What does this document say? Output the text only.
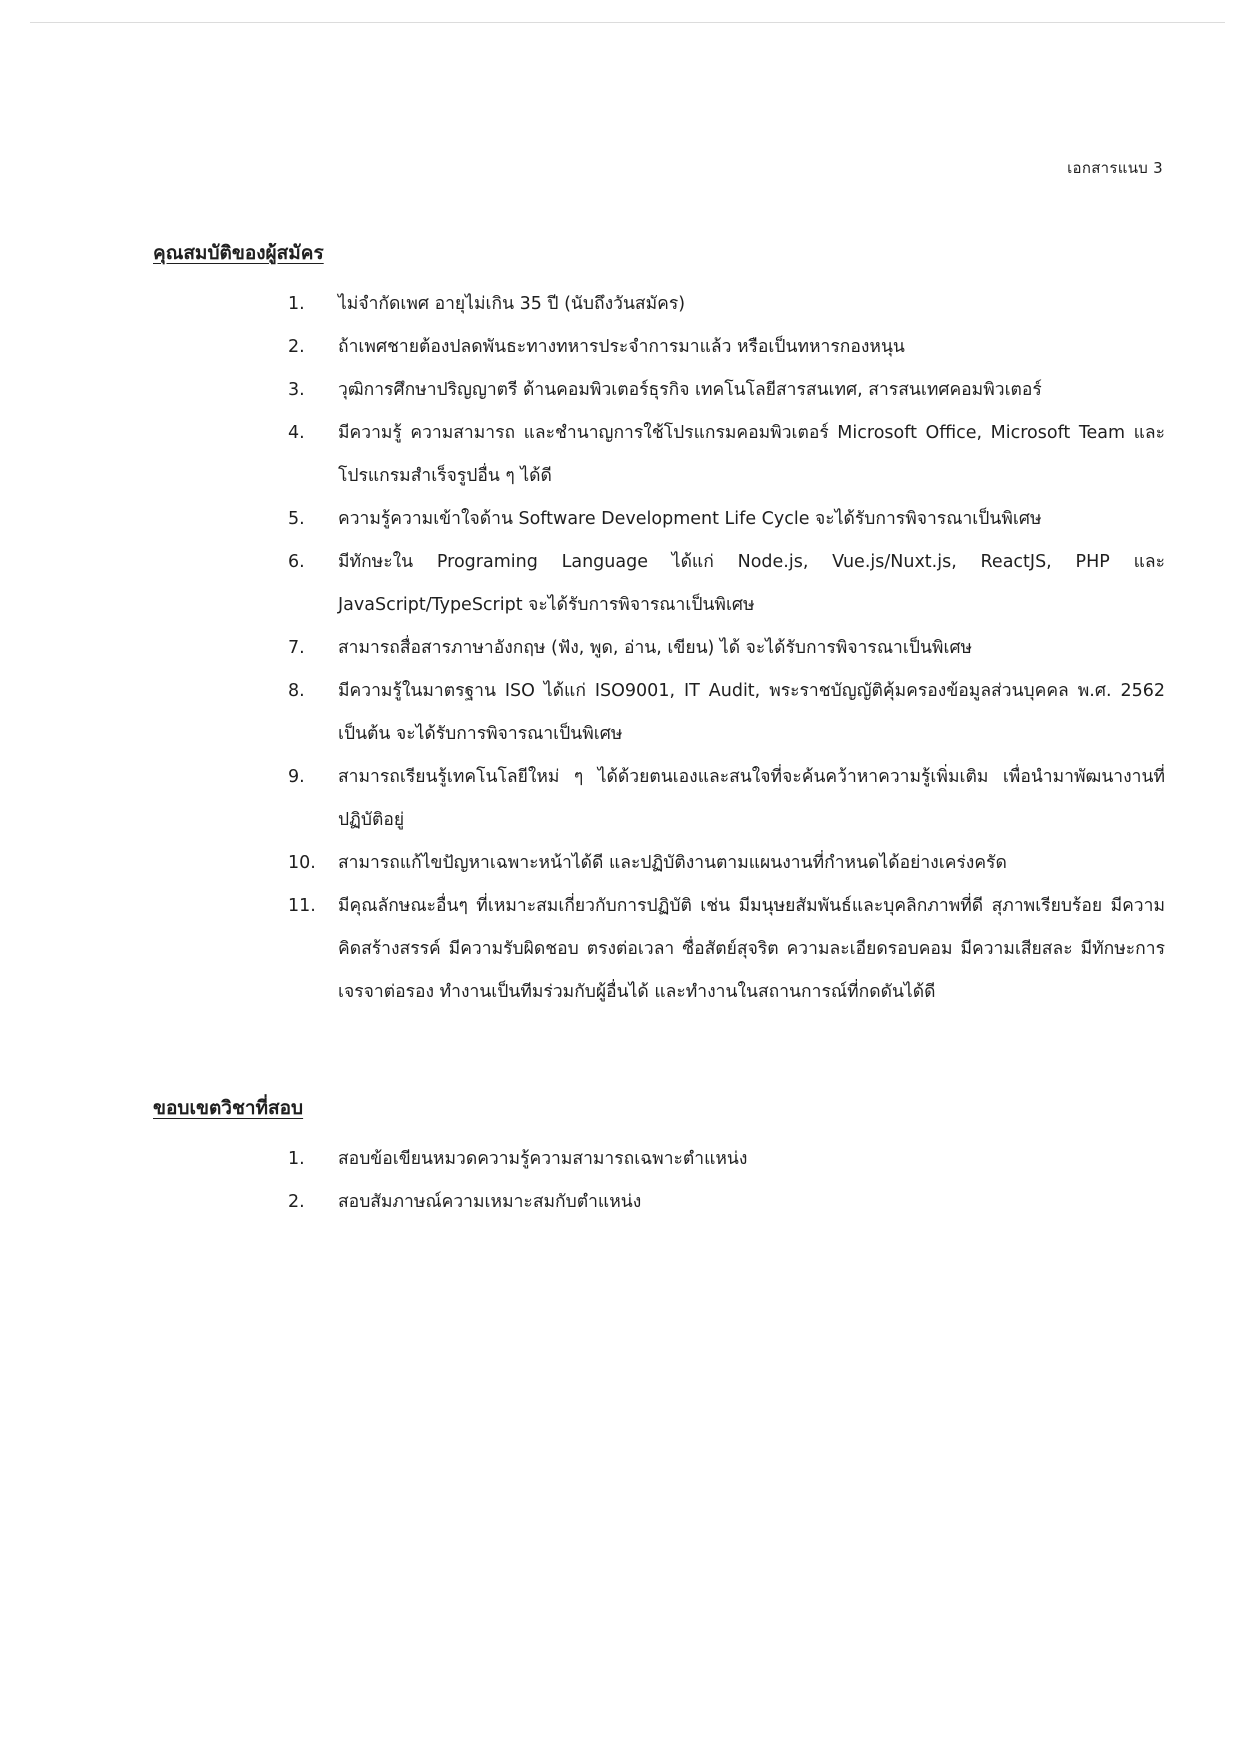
เอกสารแนบ 3
คุณสมบัติของผู้สมัคร
1.	ไม่จำกัดเพศ อายุไม่เกิน 35 ปี (นับถึงวันสมัคร)
2.	ถ้าเพศชายต้องปลดพันธะทางทหารประจำการมาแล้ว หรือเป็นทหารกองหนุน
3.	วุฒิการศึกษาปริญญาตรี ด้านคอมพิวเตอร์ธุรกิจ เทคโนโลยีสารสนเทศ, สารสนเทศคอมพิวเตอร์
4.	มีความรู้ ความสามารถ และชำนาญการใช้โปรแกรมคอมพิวเตอร์ Microsoft Office, Microsoft Team และโปรแกรมสำเร็จรูปอื่น ๆ ได้ดี
5.	ความรู้ความเข้าใจด้าน Software Development Life Cycle จะได้รับการพิจารณาเป็นพิเศษ
6.	มีทักษะใน Programing Language ได้แก่ Node.js, Vue.js/Nuxt.js, ReactJS, PHP และ JavaScript/TypeScript จะได้รับการพิจารณาเป็นพิเศษ
7.	สามารถสื่อสารภาษาอังกฤษ (ฟัง, พูด, อ่าน, เขียน) ได้ จะได้รับการพิจารณาเป็นพิเศษ
8.	มีความรู้ในมาตรฐาน ISO ได้แก่ ISO9001, IT Audit, พระราชบัญญัติคุ้มครองข้อมูลส่วนบุคคล พ.ศ. 2562 เป็นต้น จะได้รับการพิจารณาเป็นพิเศษ
9.	สามารถเรียนรู้เทคโนโลยีใหม่ ๆ ได้ด้วยตนเองและสนใจที่จะค้นคว้าหาความรู้เพิ่มเติม เพื่อนำมาพัฒนางานที่ปฏิบัติอยู่
10.	สามารถแก้ไขปัญหาเฉพาะหน้าได้ดี และปฏิบัติงานตามแผนงานที่กำหนดได้อย่างเคร่งครัด
11.	มีคุณลักษณะอื่นๆ ที่เหมาะสมเกี่ยวกับการปฏิบัติ เช่น มีมนุษยสัมพันธ์และบุคลิกภาพที่ดี สุภาพเรียบร้อย มีความคิดสร้างสรรค์ มีความรับผิดชอบ ตรงต่อเวลา ซื่อสัตย์สุจริต ความละเอียดรอบคอม มีความเสียสละ มีทักษะการเจรจาต่อรอง ทำงานเป็นทีมร่วมกับผู้อื่นได้ และทำงานในสถานการณ์ที่กดดันได้ดี
ขอบเขตวิชาที่สอบ
1.	สอบข้อเขียนหมวดความรู้ความสามารถเฉพาะตำแหน่ง
2.	สอบสัมภาษณ์ความเหมาะสมกับตำแหน่ง
